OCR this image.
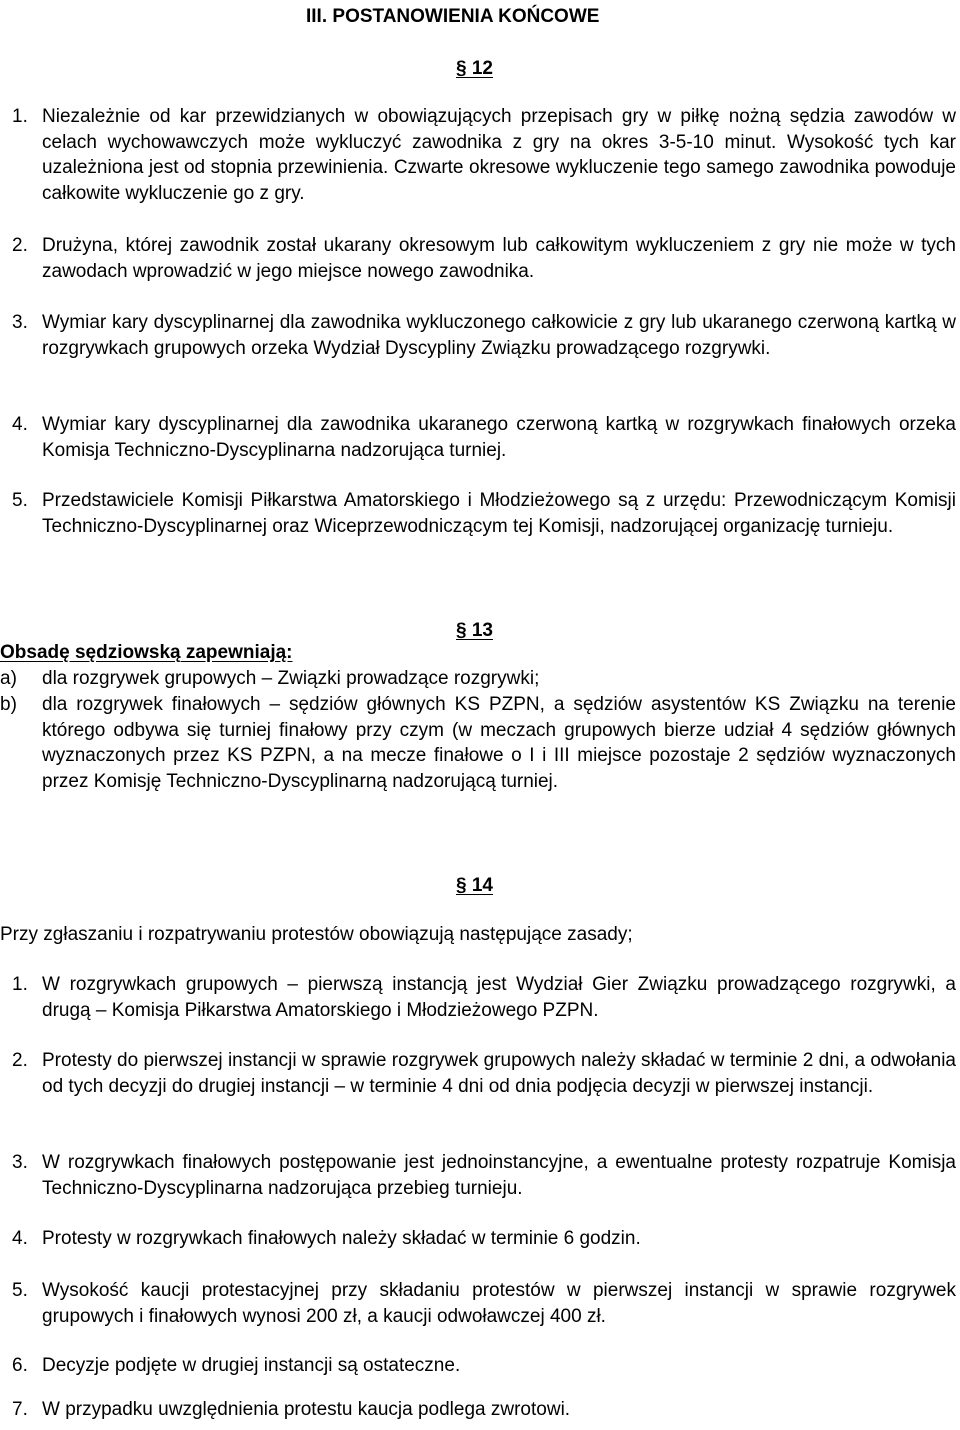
III. POSTANOWIENIA KOŃCOWE
§ 12
1. Niezależnie od kar przewidzianych w obowiązujących przepisach gry w piłkę nożną sędzia zawodów w celach wychowawczych może wykluczyć zawodnika z gry na okres 3-5-10 minut. Wysokość tych kar uzależniona jest od stopnia przewinienia. Czwarte okresowe wykluczenie tego samego zawodnika powoduje całkowite wykluczenie go z gry.
2. Drużyna, której zawodnik został ukarany okresowym lub całkowitym wykluczeniem z gry nie może w tych zawodach wprowadzić w jego miejsce nowego zawodnika.
3. Wymiar kary dyscyplinarnej dla zawodnika wykluczonego całkowicie z gry lub ukaranego czerwoną kartką w rozgrywkach grupowych orzeka Wydział Dyscypliny Związku prowadzącego rozgrywki.
4. Wymiar kary dyscyplinarnej dla zawodnika ukaranego czerwoną kartką w rozgrywkach finałowych orzeka Komisja Techniczno-Dyscyplinarna nadzorująca turniej.
5. Przedstawiciele Komisji Piłkarstwa Amatorskiego i Młodzieżowego są z urzędu: Przewodniczącym Komisji Techniczno-Dyscyplinarnej oraz Wiceprzewodniczącym tej Komisji, nadzorującej organizację turnieju.
§ 13
Obsadę sędziowską zapewniają:
a) dla rozgrywek grupowych – Związki prowadzące rozgrywki;
b) dla rozgrywek finałowych – sędziów głównych KS PZPN, a sędziów asystentów KS Związku na terenie którego odbywa się turniej finałowy przy czym (w meczach grupowych bierze udział 4 sędziów głównych wyznaczonych przez KS PZPN, a na mecze finałowe o I i III miejsce pozostaje 2 sędziów wyznaczonych przez Komisję Techniczno-Dyscyplinarną nadzorującą turniej.
§ 14
Przy zgłaszaniu i rozpatrywaniu protestów obowiązują następujące zasady;
1. W rozgrywkach grupowych – pierwszą instancją jest Wydział Gier Związku prowadzącego rozgrywki, a drugą – Komisja Piłkarstwa Amatorskiego i Młodzieżowego PZPN.
2. Protesty do pierwszej instancji w sprawie rozgrywek grupowych należy składać w terminie 2 dni, a odwołania od tych decyzji do drugiej instancji – w terminie 4 dni od dnia podjęcia decyzji w pierwszej instancji.
3. W rozgrywkach finałowych postępowanie jest jednoinstancyjne, a ewentualne protesty rozpatruje Komisja Techniczno-Dyscyplinarna nadzorująca przebieg turnieju.
4. Protesty w rozgrywkach finałowych należy składać w terminie 6 godzin.
5. Wysokość kaucji protestacyjnej przy składaniu protestów w pierwszej instancji w sprawie rozgrywek grupowych i finałowych wynosi 200 zł, a kaucji odwoławczej 400 zł.
6. Decyzje podjęte w drugiej instancji są ostateczne.
7. W przypadku uwzględnienia protestu kaucja podlega zwrotowi.
